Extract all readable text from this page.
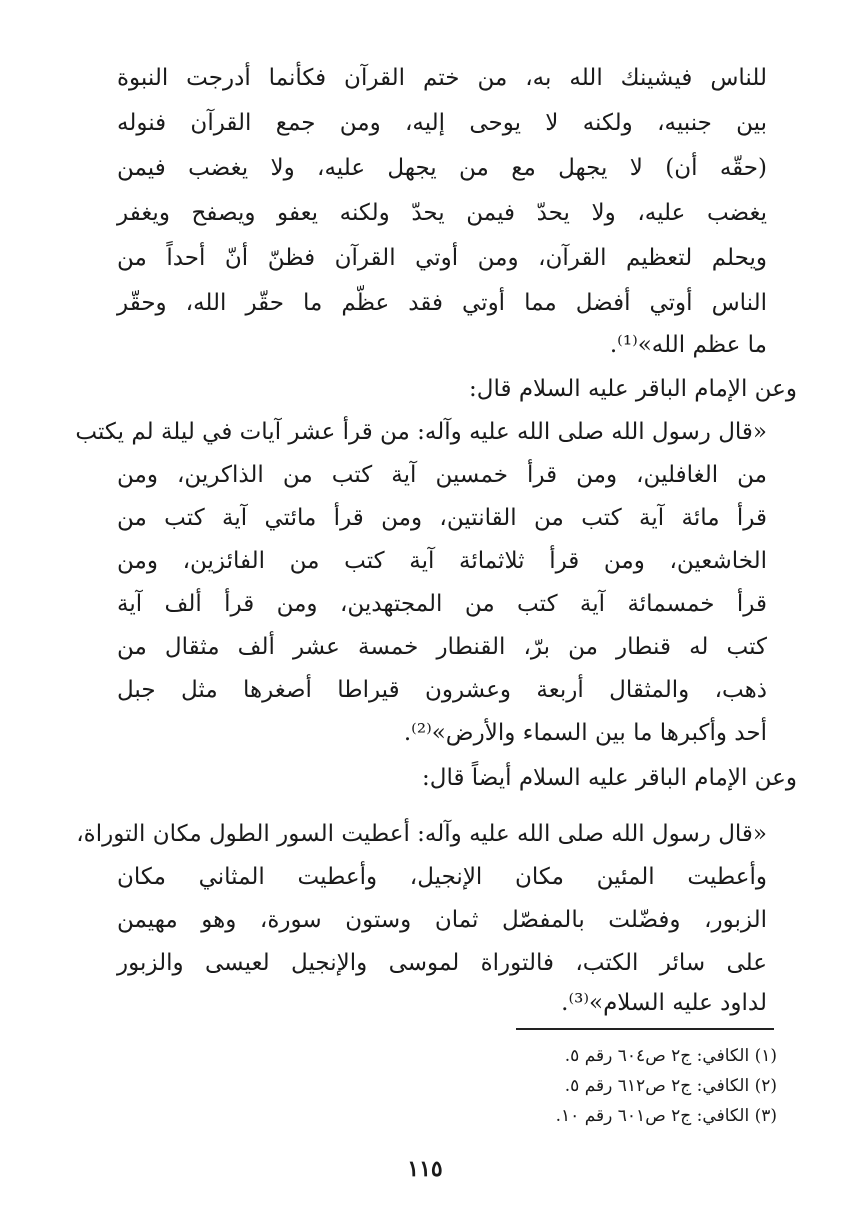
للناس فيشينك الله به، من ختم القرآن فكأنما أدرجت النبوة
بين جنبيه، ولكنه لا يوحى إليه، ومن جمع القرآن فنوله
(حقّه أن) لا يجهل مع من يجهل عليه، ولا يغضب فيمن
يغضب عليه، ولا يحدّ فيمن يحدّ ولكنه يعفو ويصفح ويغفر
ويحلم لتعظيم القرآن، ومن أوتي القرآن فظنّ أنّ أحداً من
الناس أوتي أفضل مما أوتي فقد عظّم ما حقّر الله، وحقّر
ما عظم الله»⁽¹⁾.
وعن الإمام الباقر عليه السلام قال:
«قال رسول الله صلى الله عليه وآله: من قرأ عشر آيات في ليلة لم يكتب
من الغافلين، ومن قرأ خمسين آية كتب من الذاكرين، ومن
قرأ مائة آية كتب من القانتين، ومن قرأ مائتي آية كتب من
الخاشعين، ومن قرأ ثلاثمائة آية كتب من الفائزين، ومن
قرأ خمسمائة آية كتب من المجتهدين، ومن قرأ ألف آية
كتب له قنطار من برّ، القنطار خمسة عشر ألف مثقال من
ذهب، والمثقال أربعة وعشرون قيراطا أصغرها مثل جبل
أحد وأكبرها ما بين السماء والأرض»⁽²⁾.
وعن الإمام الباقر عليه السلام أيضاً قال:
«قال رسول الله صلى الله عليه وآله: أعطيت السور الطول مكان التوراة،
وأعطيت المئين مكان الإنجيل، وأعطيت المثاني مكان
الزبور، وفضّلت بالمفصّل ثمان وستون سورة، وهو مهيمن
على سائر الكتب، فالتوراة لموسى والإنجيل لعيسى والزبور
لداود عليه السلام»⁽³⁾.
(١) الكافي: ج٢ ص٦٠٤ رقم ٥.
(٢) الكافي: ج٢ ص٦١٢ رقم ٥.
(٣) الكافي: ج٢ ص٦٠١ رقم ١٠.
١١٥
